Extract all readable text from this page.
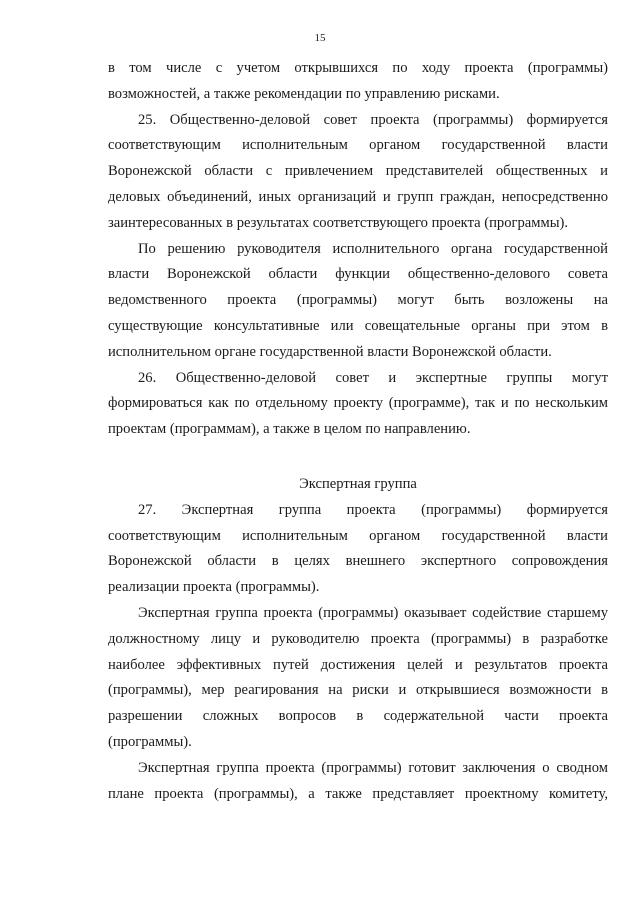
15

в том числе с учетом открывшихся по ходу проекта (программы)
возможностей, а также рекомендации по управлению рисками.

25. Общественно-деловой совет проекта (программы) формируется
соответствующим исполнительным органом государственной власти
Воронежской области с привлечением представителей общественных и
деловых объединений, иных организаций и групп граждан, непосредственно
заинтересованных в результатах соответствующего проекта (программы).

По решению руководителя исполнительного органа государственной
власти Воронежской области функции общественно-делового совета
ведомственного проекта (программы) могут быть возложены на
существующие консультативные или совещательные органы при этом в
исполнительном органе государственной власти Воронежской области.

26. Общественно-деловой совет и экспертные группы могут
формироваться как по отдельному проекту (программе), так и по нескольким
проектам (программам), а также в целом по направлению.

Экспертная группа

27. Экспертная группа проекта (программы) формируется
соответствующим исполнительным органом государственной власти
Воронежской области в целях внешнего экспертного сопровождения
реализации проекта (программы).

Экспертная группа проекта (программы) оказывает содействие старшему
должностному лицу и руководителю проекта (программы) в разработке
наиболее эффективных путей достижения целей и результатов проекта
(программы), мер реагирования на риски и открывшиеся возможности в
разрешении сложных вопросов в содержательной части проекта
(программы).

Экспертная группа проекта (программы) готовит заключения о сводном
плане проекта (программы), а также представляет проектному комитету,
